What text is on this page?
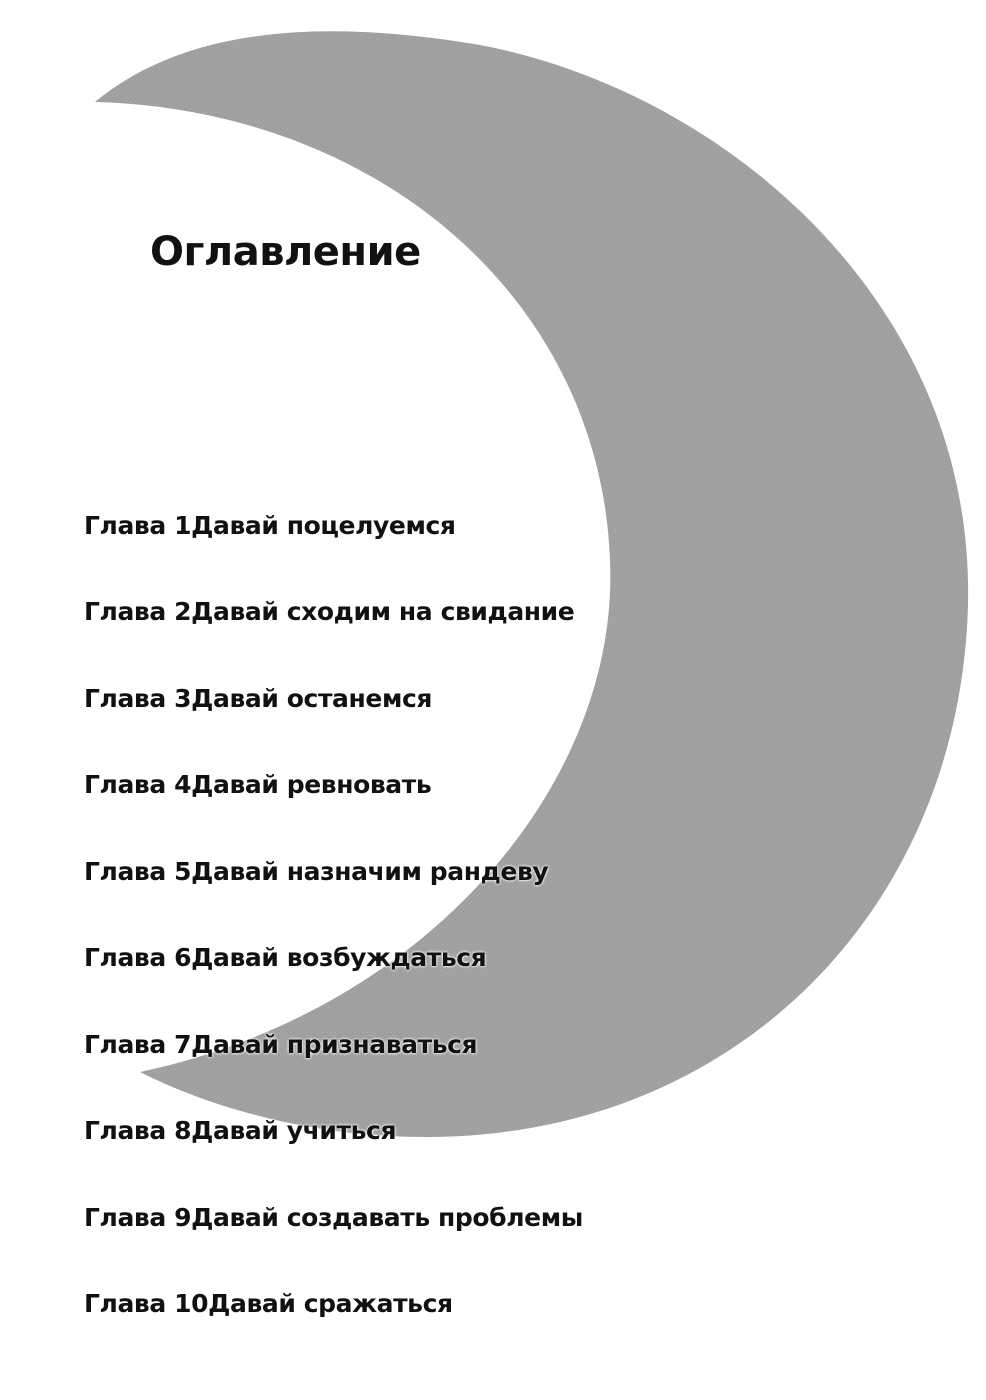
Оглавление
Глава 1Давай поцелуемся
Глава 2Давай сходим на свидание
Глава 3Давай останемся
Глава 4Давай ревновать
Глава 5Давай назначим рандеву
Глава 6Давай возбуждаться
Глава 7Давай признаваться
Глава 8Давай учиться
Глава 9Давай создавать проблемы
Глава 10Давай сражаться
